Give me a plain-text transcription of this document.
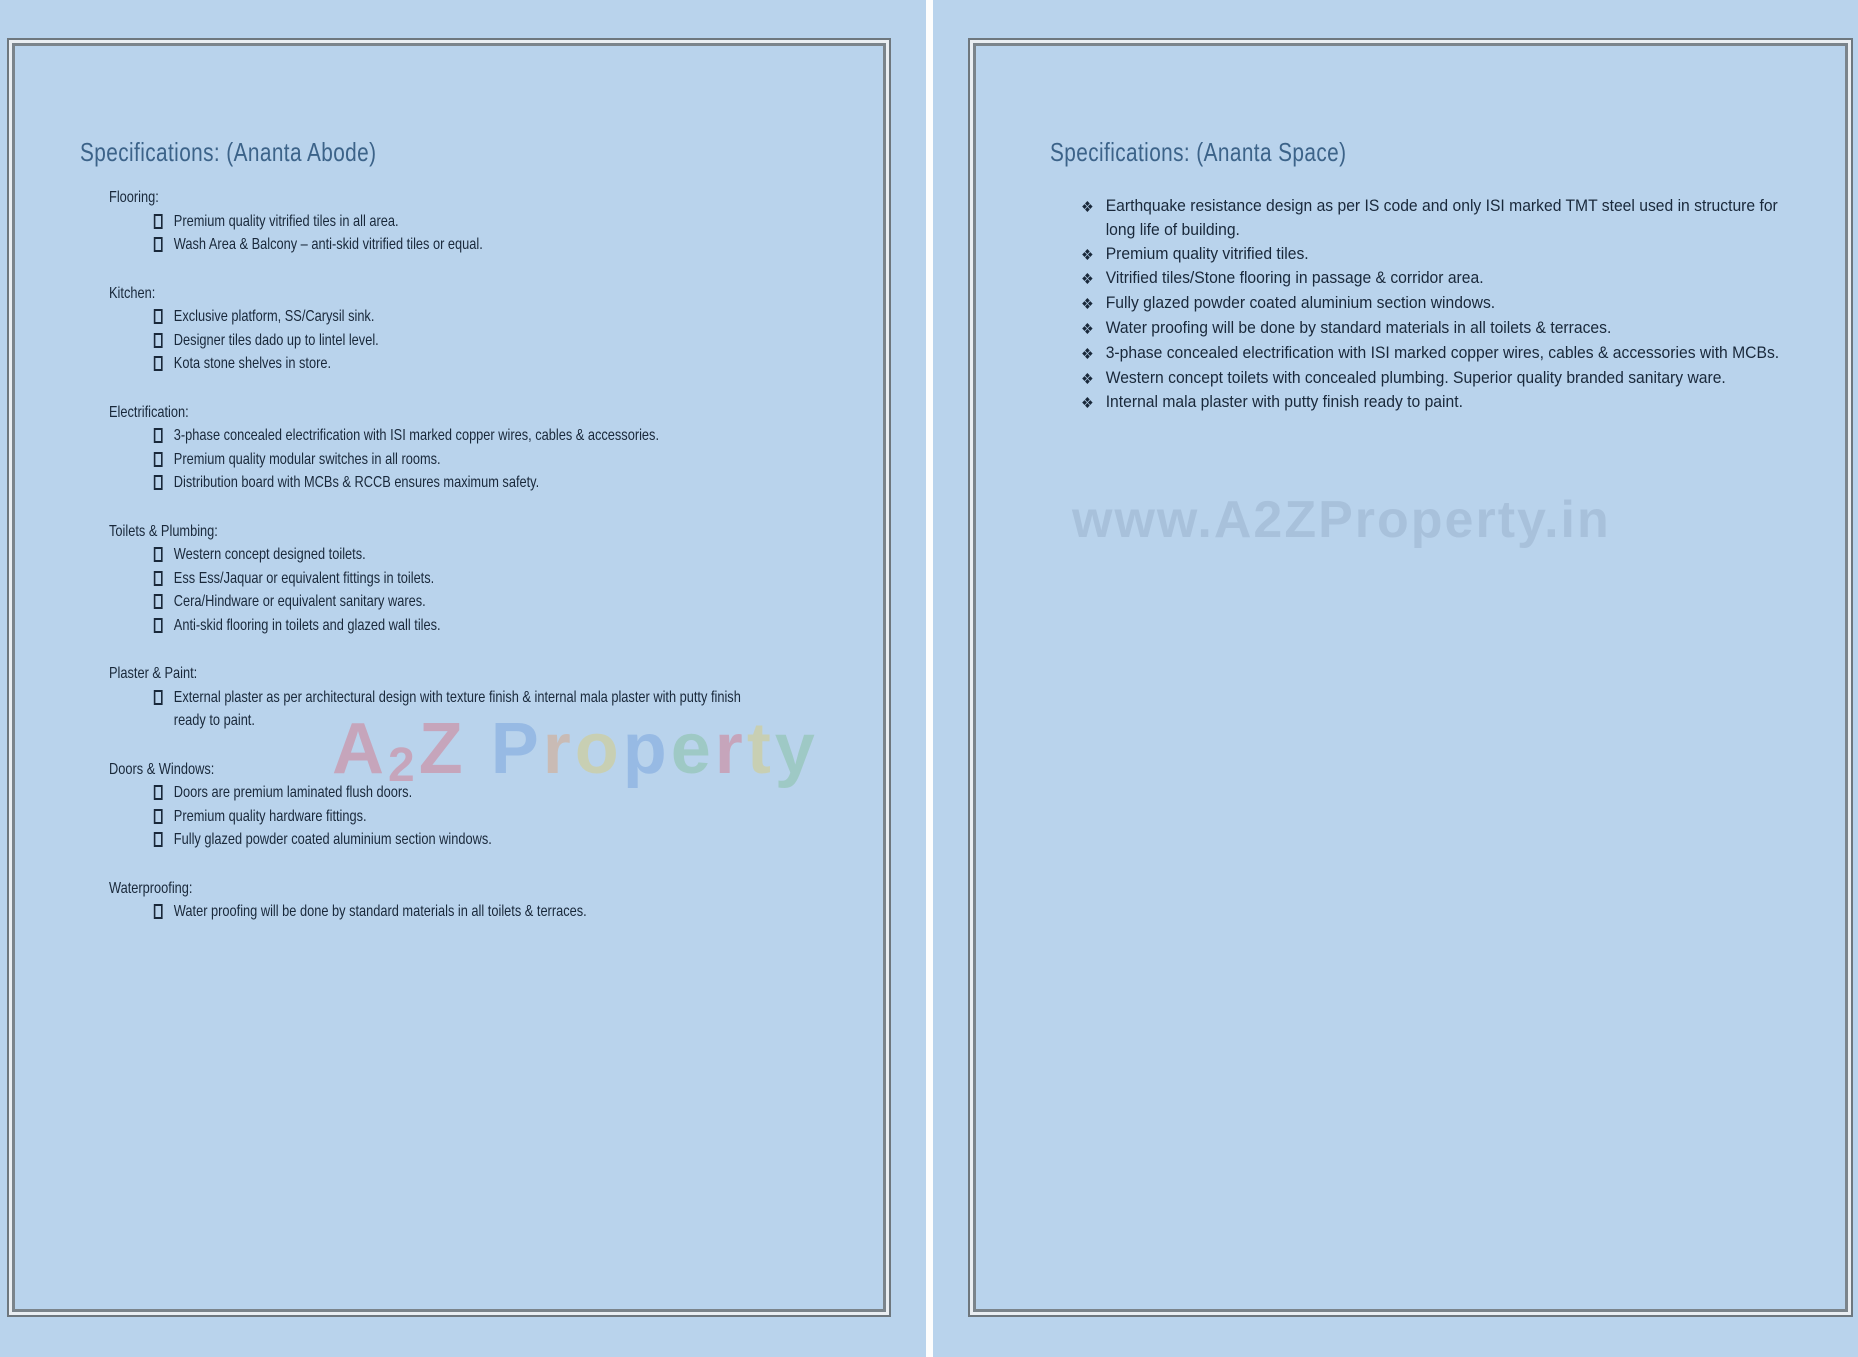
A2Z Property
Specifications: (Ananta Abode)
Flooring:
Premium quality vitrified tiles in all area.
Wash Area & Balcony – anti-skid vitrified tiles or equal.
Kitchen:
Exclusive platform, SS/Carysil sink.
Designer tiles dado up to lintel level.
Kota stone shelves in store.
Electrification:
3-phase concealed electrification with ISI marked copper wires, cables & accessories.
Premium quality modular switches in all rooms.
Distribution board with MCBs & RCCB ensures maximum safety.
Toilets & Plumbing:
Western concept designed toilets.
Ess Ess/Jaquar or equivalent fittings in toilets.
Cera/Hindware or equivalent sanitary wares.
Anti-skid flooring in toilets and glazed wall tiles.
Plaster & Paint:
External plaster as per architectural design with texture finish & internal mala plaster with putty finish ready to paint.
Doors & Windows:
Doors are premium laminated flush doors.
Premium quality hardware fittings.
Fully glazed powder coated aluminium section windows.
Waterproofing:
Water proofing will be done by standard materials in all toilets & terraces.
www.A2ZProperty.in
Specifications: (Ananta Space)
❖ Earthquake resistance design as per IS code and only ISI marked TMT steel used in structure for long life of building.
❖ Premium quality vitrified tiles.
❖ Vitrified tiles/Stone flooring in passage & corridor area.
❖ Fully glazed powder coated aluminium section windows.
❖ Water proofing will be done by standard materials in all toilets & terraces.
❖ 3-phase concealed electrification with ISI marked copper wires, cables & accessories with MCBs.
❖ Western concept toilets with concealed plumbing. Superior quality branded sanitary ware.
❖ Internal mala plaster with putty finish ready to paint.
